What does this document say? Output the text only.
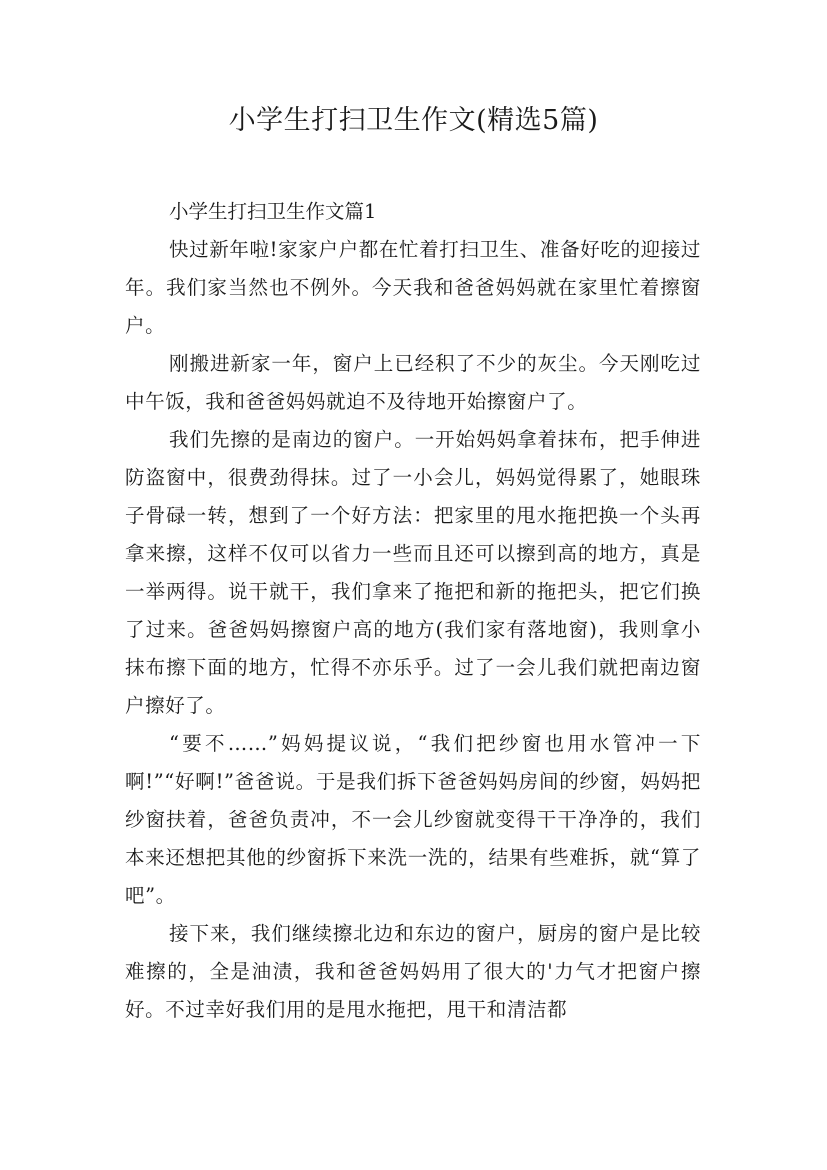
小学生打扫卫生作文(精选5篇)
小学生打扫卫生作文篇1

快过新年啦!家家户户都在忙着打扫卫生、准备好吃的迎接过年。我们家当然也不例外。今天我和爸爸妈妈就在家里忙着擦窗户。

刚搬进新家一年，窗户上已经积了不少的灰尘。今天刚吃过中午饭，我和爸爸妈妈就迫不及待地开始擦窗户了。

我们先擦的是南边的窗户。一开始妈妈拿着抹布，把手伸进防盗窗中，很费劲得抹。过了一小会儿，妈妈觉得累了，她眼珠子骨碌一转，想到了一个好方法：把家里的甩水拖把换一个头再拿来擦，这样不仅可以省力一些而且还可以擦到高的地方，真是一举两得。说干就干，我们拿来了拖把和新的拖把头，把它们换了过来。爸爸妈妈擦窗户高的地方(我们家有落地窗)，我则拿小抹布擦下面的地方，忙得不亦乐乎。过了一会儿我们就把南边窗户擦好了。

“要不……”妈妈提议说，“我们把纱窗也用水管冲一下啊!”“好啊!”爸爸说。于是我们拆下爸爸妈妈房间的纱窗，妈妈把纱窗扶着，爸爸负责冲，不一会儿纱窗就变得干干净净的，我们本来还想把其他的纱窗拆下来洗一洗的，结果有些难拆，就“算了吧”。

接下来，我们继续擦北边和东边的窗户，厨房的窗户是比较难擦的，全是油渍，我和爸爸妈妈用了很大的'力气才把窗户擦好。不过幸好我们用的是甩水拖把，甩干和清洁都
